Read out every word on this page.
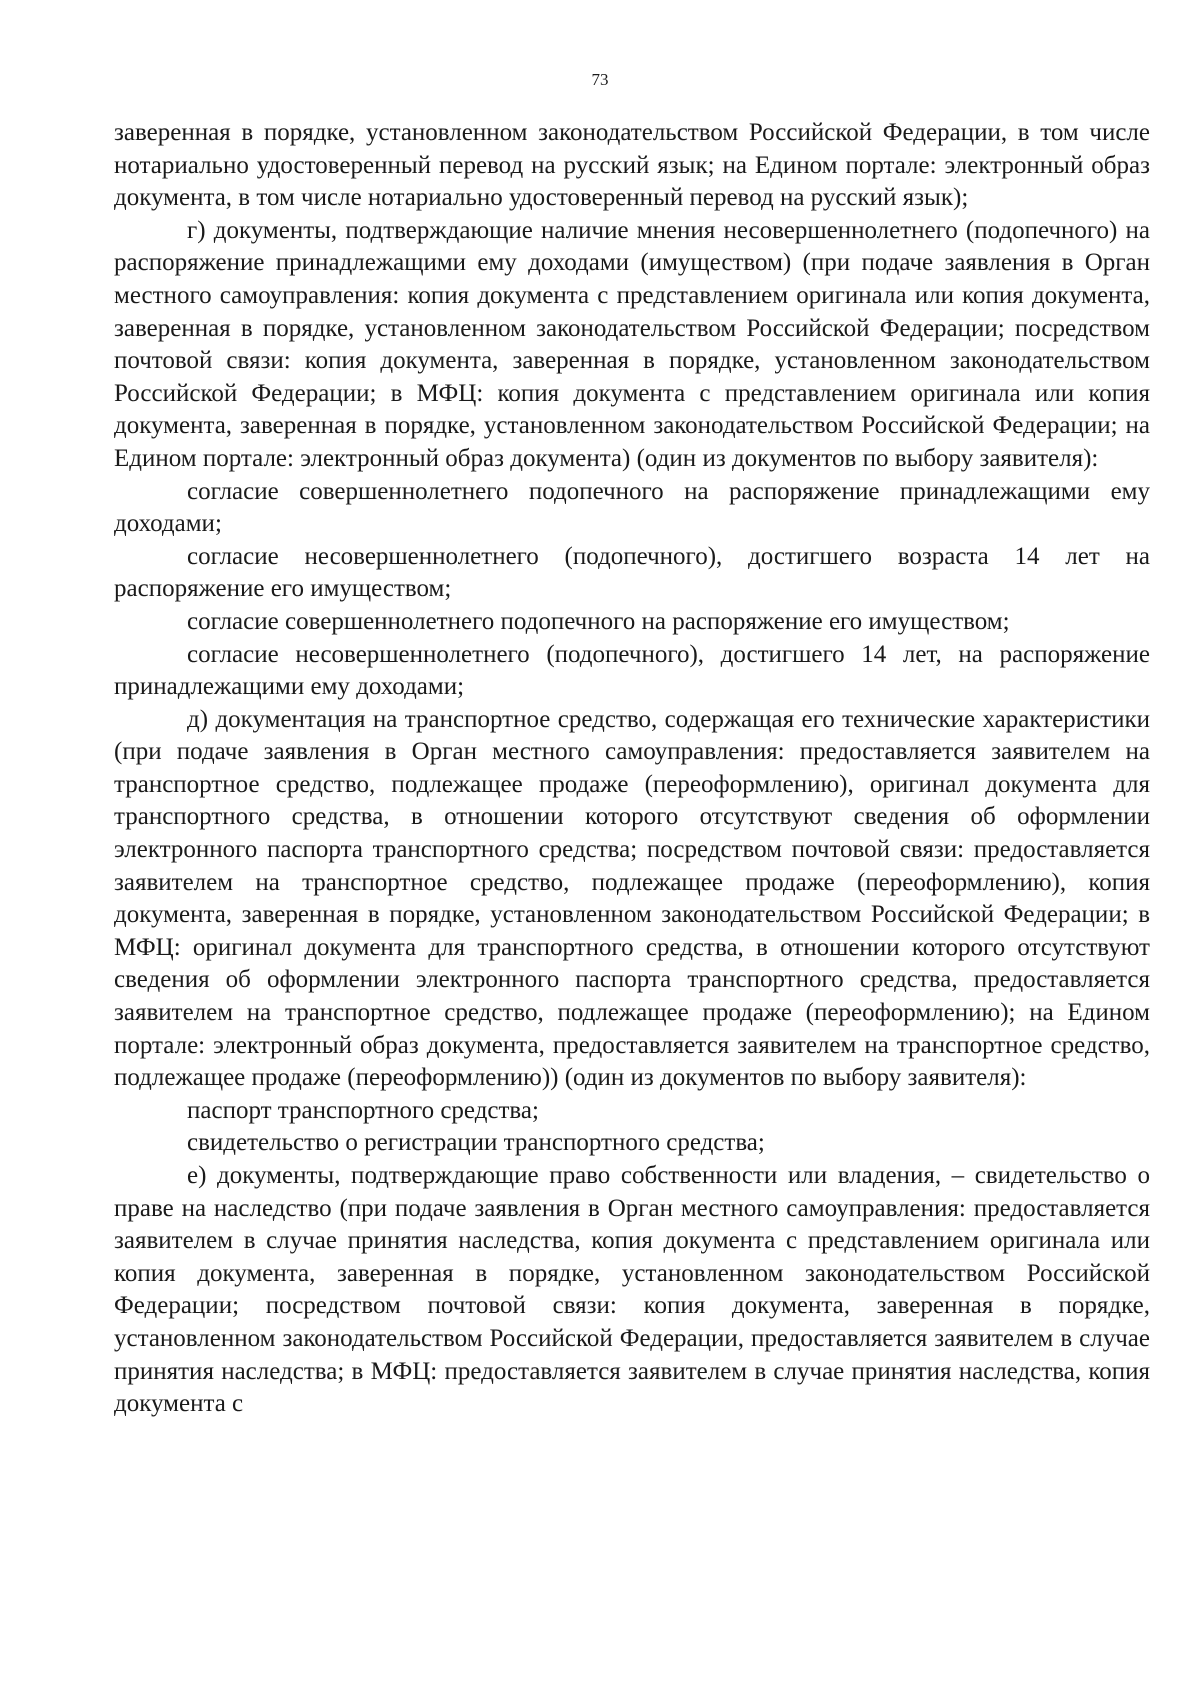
73

заверенная в порядке, установленном законодательством Российской Федерации, в том числе нотариально удостоверенный перевод на русский язык; на Едином портале: электронный образ документа, в том числе нотариально удостоверенный перевод на русский язык);

г) документы, подтверждающие наличие мнения несовершеннолетнего (подопечного) на распоряжение принадлежащими ему доходами (имуществом) (при подаче заявления в Орган местного самоуправления: копия документа с представлением оригинала или копия документа, заверенная в порядке, установленном законодательством Российской Федерации; посредством почтовой связи: копия документа, заверенная в порядке, установленном законодательством Российской Федерации; в МФЦ: копия документа с представлением оригинала или копия документа, заверенная в порядке, установленном законодательством Российской Федерации; на Едином портале: электронный образ документа) (один из документов по выбору заявителя):

согласие совершеннолетнего подопечного на распоряжение принадлежащими ему доходами;

согласие несовершеннолетнего (подопечного), достигшего возраста 14 лет на распоряжение его имуществом;

согласие совершеннолетнего подопечного на распоряжение его имуществом;

согласие несовершеннолетнего (подопечного), достигшего 14 лет, на распоряжение принадлежащими ему доходами;

д) документация на транспортное средство, содержащая его технические характеристики (при подаче заявления в Орган местного самоуправления: предоставляется заявителем на транспортное средство, подлежащее продаже (переоформлению), оригинал документа для транспортного средства, в отношении которого отсутствуют сведения об оформлении электронного паспорта транспортного средства; посредством почтовой связи: предоставляется заявителем на транспортное средство, подлежащее продаже (переоформлению), копия документа, заверенная в порядке, установленном законодательством Российской Федерации; в МФЦ: оригинал документа для транспортного средства, в отношении которого отсутствуют сведения об оформлении электронного паспорта транспортного средства, предоставляется заявителем на транспортное средство, подлежащее продаже (переоформлению); на Едином портале: электронный образ документа, предоставляется заявителем на транспортное средство, подлежащее продаже (переоформлению)) (один из документов по выбору заявителя):

паспорт транспортного средства;

свидетельство о регистрации транспортного средства;

е) документы, подтверждающие право собственности или владения, – свидетельство о праве на наследство (при подаче заявления в Орган местного самоуправления: предоставляется заявителем в случае принятия наследства, копия документа с представлением оригинала или копия документа, заверенная в порядке, установленном законодательством Российской Федерации; посредством почтовой связи: копия документа, заверенная в порядке, установленном законодательством Российской Федерации, предоставляется заявителем в случае принятия наследства; в МФЦ: предоставляется заявителем в случае принятия наследства, копия документа с
